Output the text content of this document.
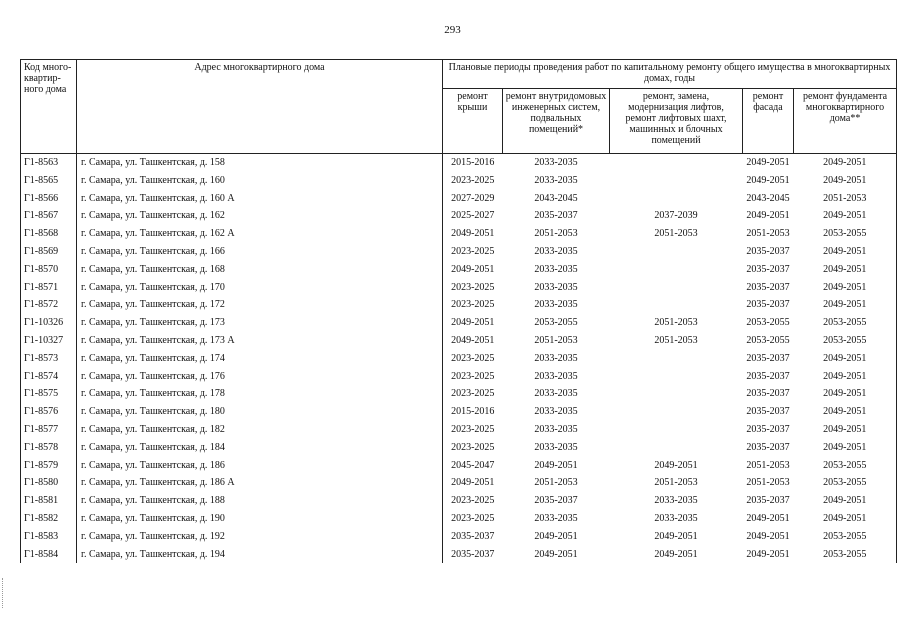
293
Код много-квартир-ного дома	Адрес многоквартирного дома	Плановые периоды проведения работ по капитальному ремонту общего имущества в многоквартирных домах, годы				
		ремонт крыши	ремонт внутридомовых инженерных систем, подвальных помещений*	ремонт, замена, модернизация лифтов, ремонт лифтовых шахт, машинных и блочных помещений	ремонт фасада	ремонт фундамента многоквартирного дома**
Г1-8563	г. Самара, ул. Ташкентская, д. 158	2015-2016	2033-2035		2049-2051	2049-2051
Г1-8565	г. Самара, ул. Ташкентская, д. 160	2023-2025	2033-2035		2049-2051	2049-2051
Г1-8566	г. Самара, ул. Ташкентская, д. 160 А	2027-2029	2043-2045		2043-2045	2051-2053
Г1-8567	г. Самара, ул. Ташкентская, д. 162	2025-2027	2035-2037	2037-2039	2049-2051	2049-2051
Г1-8568	г. Самара, ул. Ташкентская, д. 162 А	2049-2051	2051-2053	2051-2053	2051-2053	2053-2055
Г1-8569	г. Самара, ул. Ташкентская, д. 166	2023-2025	2033-2035		2035-2037	2049-2051
Г1-8570	г. Самара, ул. Ташкентская, д. 168	2049-2051	2033-2035		2035-2037	2049-2051
Г1-8571	г. Самара, ул. Ташкентская, д. 170	2023-2025	2033-2035		2035-2037	2049-2051
Г1-8572	г. Самара, ул. Ташкентская, д. 172	2023-2025	2033-2035		2035-2037	2049-2051
Г1-10326	г. Самара, ул. Ташкентская, д. 173	2049-2051	2053-2055	2051-2053	2053-2055	2053-2055
Г1-10327	г. Самара, ул. Ташкентская, д. 173 А	2049-2051	2051-2053	2051-2053	2053-2055	2053-2055
Г1-8573	г. Самара, ул. Ташкентская, д. 174	2023-2025	2033-2035		2035-2037	2049-2051
Г1-8574	г. Самара, ул. Ташкентская, д. 176	2023-2025	2033-2035		2035-2037	2049-2051
Г1-8575	г. Самара, ул. Ташкентская, д. 178	2023-2025	2033-2035		2035-2037	2049-2051
Г1-8576	г. Самара, ул. Ташкентская, д. 180	2015-2016	2033-2035		2035-2037	2049-2051
Г1-8577	г. Самара, ул. Ташкентская, д. 182	2023-2025	2033-2035		2035-2037	2049-2051
Г1-8578	г. Самара, ул. Ташкентская, д. 184	2023-2025	2033-2035		2035-2037	2049-2051
Г1-8579	г. Самара, ул. Ташкентская, д. 186	2045-2047	2049-2051	2049-2051	2051-2053	2053-2055
Г1-8580	г. Самара, ул. Ташкентская, д. 186 А	2049-2051	2051-2053	2051-2053	2051-2053	2053-2055
Г1-8581	г. Самара, ул. Ташкентская, д. 188	2023-2025	2035-2037	2033-2035	2035-2037	2049-2051
Г1-8582	г. Самара, ул. Ташкентская, д. 190	2023-2025	2033-2035	2033-2035	2049-2051	2049-2051
Г1-8583	г. Самара, ул. Ташкентская, д. 192	2035-2037	2049-2051	2049-2051	2049-2051	2053-2055
Г1-8584	г. Самара, ул. Ташкентская, д. 194	2035-2037	2049-2051	2049-2051	2049-2051	2053-2055
